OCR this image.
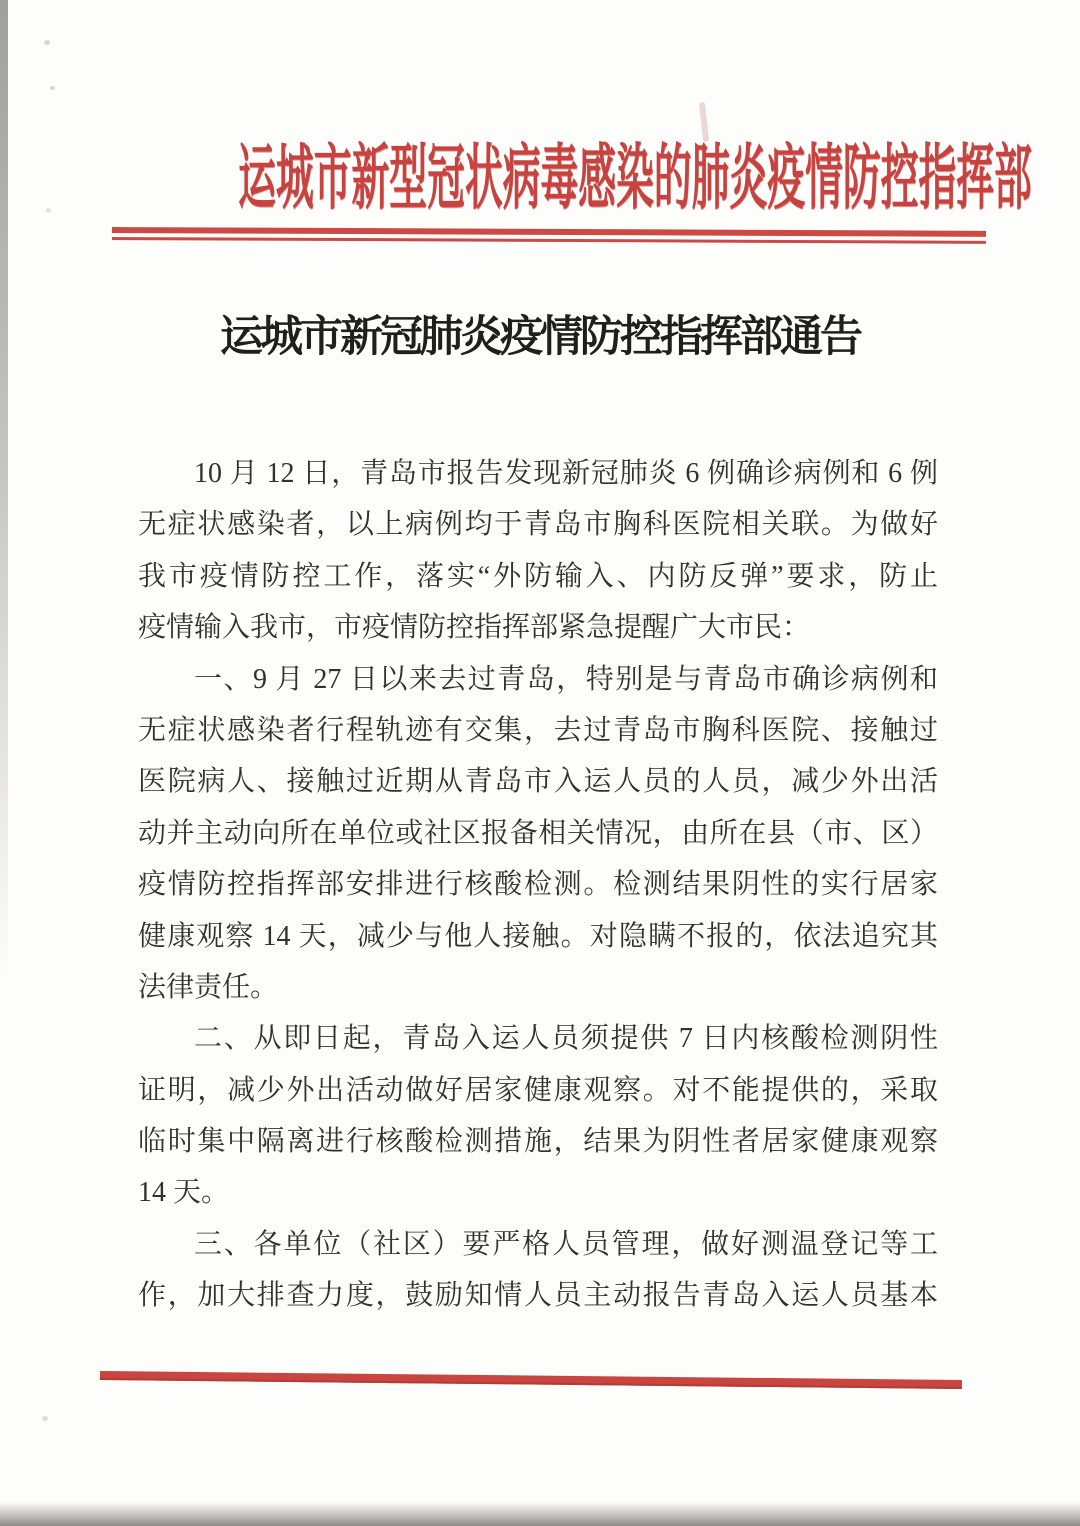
运城市新型冠状病毒感染的肺炎疫情防控指挥部
运城市新冠肺炎疫情防控指挥部通告
10 月 12 日，青岛市报告发现新冠肺炎 6 例确诊病例和 6 例
无症状感染者，以上病例均于青岛市胸科医院相关联。为做好
我市疫情防控工作，落实“外防输入、内防反弹”要求，防止
疫情输入我市，市疫情防控指挥部紧急提醒广大市民：
一、9 月 27 日以来去过青岛，特别是与青岛市确诊病例和
无症状感染者行程轨迹有交集，去过青岛市胸科医院、接触过
医院病人、接触过近期从青岛市入运人员的人员，减少外出活
动并主动向所在单位或社区报备相关情况，由所在县（市、区）
疫情防控指挥部安排进行核酸检测。检测结果阴性的实行居家
健康观察 14 天，减少与他人接触。对隐瞒不报的，依法追究其
法律责任。
二、从即日起，青岛入运人员须提供 7 日内核酸检测阴性
证明，减少外出活动做好居家健康观察。对不能提供的，采取
临时集中隔离进行核酸检测措施，结果为阴性者居家健康观察
14 天。
三、各单位（社区）要严格人员管理，做好测温登记等工
作，加大排查力度，鼓励知情人员主动报告青岛入运人员基本
